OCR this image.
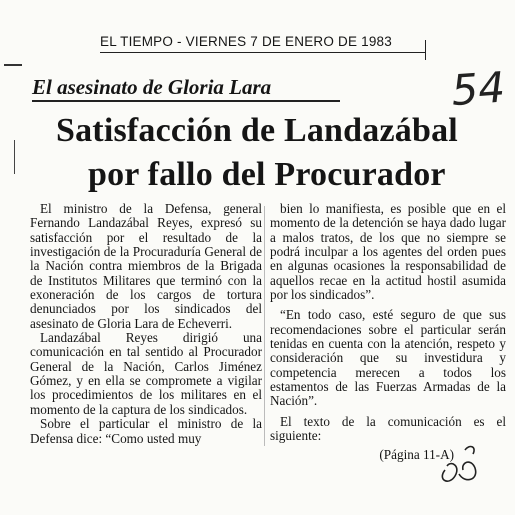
EL TIEMPO - VIERNES 7 DE ENERO DE 1983
El asesinato de Gloria Lara	54
Satisfacción de Landazábal
por fallo del Procurador

El ministro de la Defensa, general Fernando Landazábal Reyes, expresó su satisfacción por el resultado de la investigación de la Procuraduría General de la Nación contra miembros de la Brigada de Institutos Militares que terminó con la exoneración de los cargos de tortura denunciados por los sindicados del asesinato de Gloria Lara de Echeverri.

Landazábal Reyes dirigió una comunicación en tal sentido al Procurador General de la Nación, Carlos Jiménez Gómez, y en ella se compromete a vigilar los procedimientos de los militares en el momento de la captura de los sindicados.

Sobre el particular el ministro de la Defensa dice: “Como usted muy

bien lo manifiesta, es posible que en el momento de la detención se haya dado lugar a malos tratos, de los que no siempre se podrá inculpar a los agentes del orden pues en algunas ocasiones la responsabilidad de aquellos recae en la actitud hostil asumida por los sindicados”.

“En todo caso, esté seguro de que sus recomendaciones sobre el particular serán tenidas en cuenta con la atención, respeto y consideración que su investidura y competencia merecen a todos los estamentos de las Fuerzas Armadas de la Nación”.

El texto de la comunicación es el siguiente:

(Página 11-A)
